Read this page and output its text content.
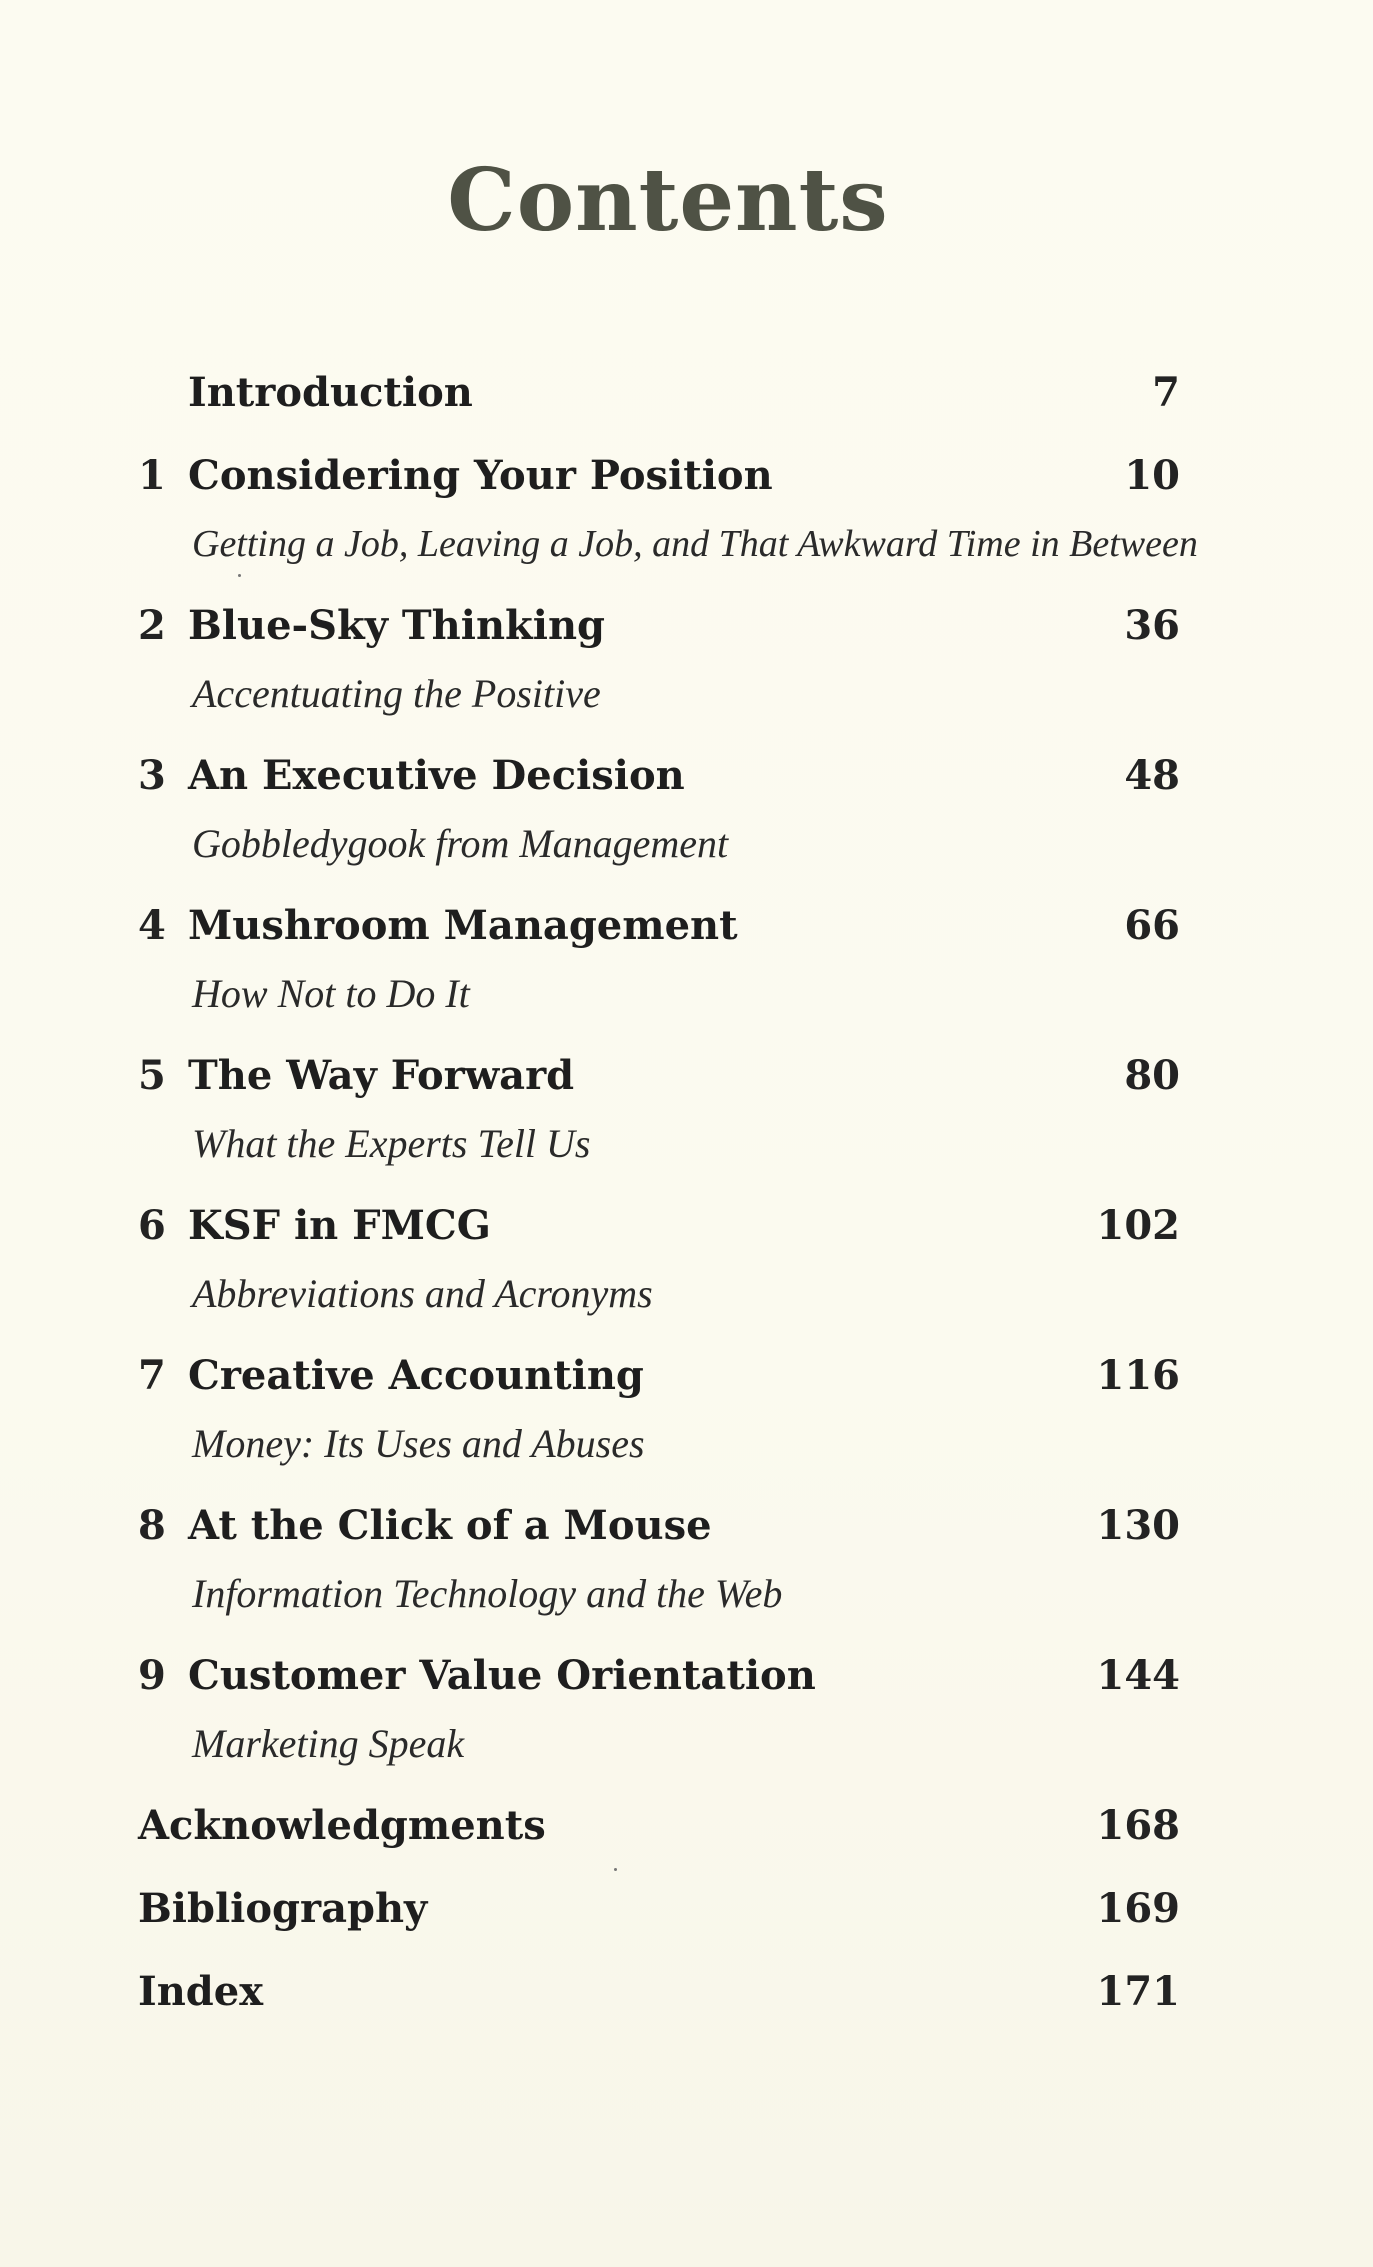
Contents
Introduction	7
1 Considering Your Position	10
Getting a Job, Leaving a Job, and That Awkward Time in Between
2 Blue-Sky Thinking	36
Accentuating the Positive
3 An Executive Decision	48
Gobbledygook from Management
4 Mushroom Management	66
How Not to Do It
5 The Way Forward	80
What the Experts Tell Us
6 KSF in FMCG	102
Abbreviations and Acronyms
7 Creative Accounting	116
Money: Its Uses and Abuses
8 At the Click of a Mouse	130
Information Technology and the Web
9 Customer Value Orientation	144
Marketing Speak
Acknowledgments	168
Bibliography	169
Index	171
